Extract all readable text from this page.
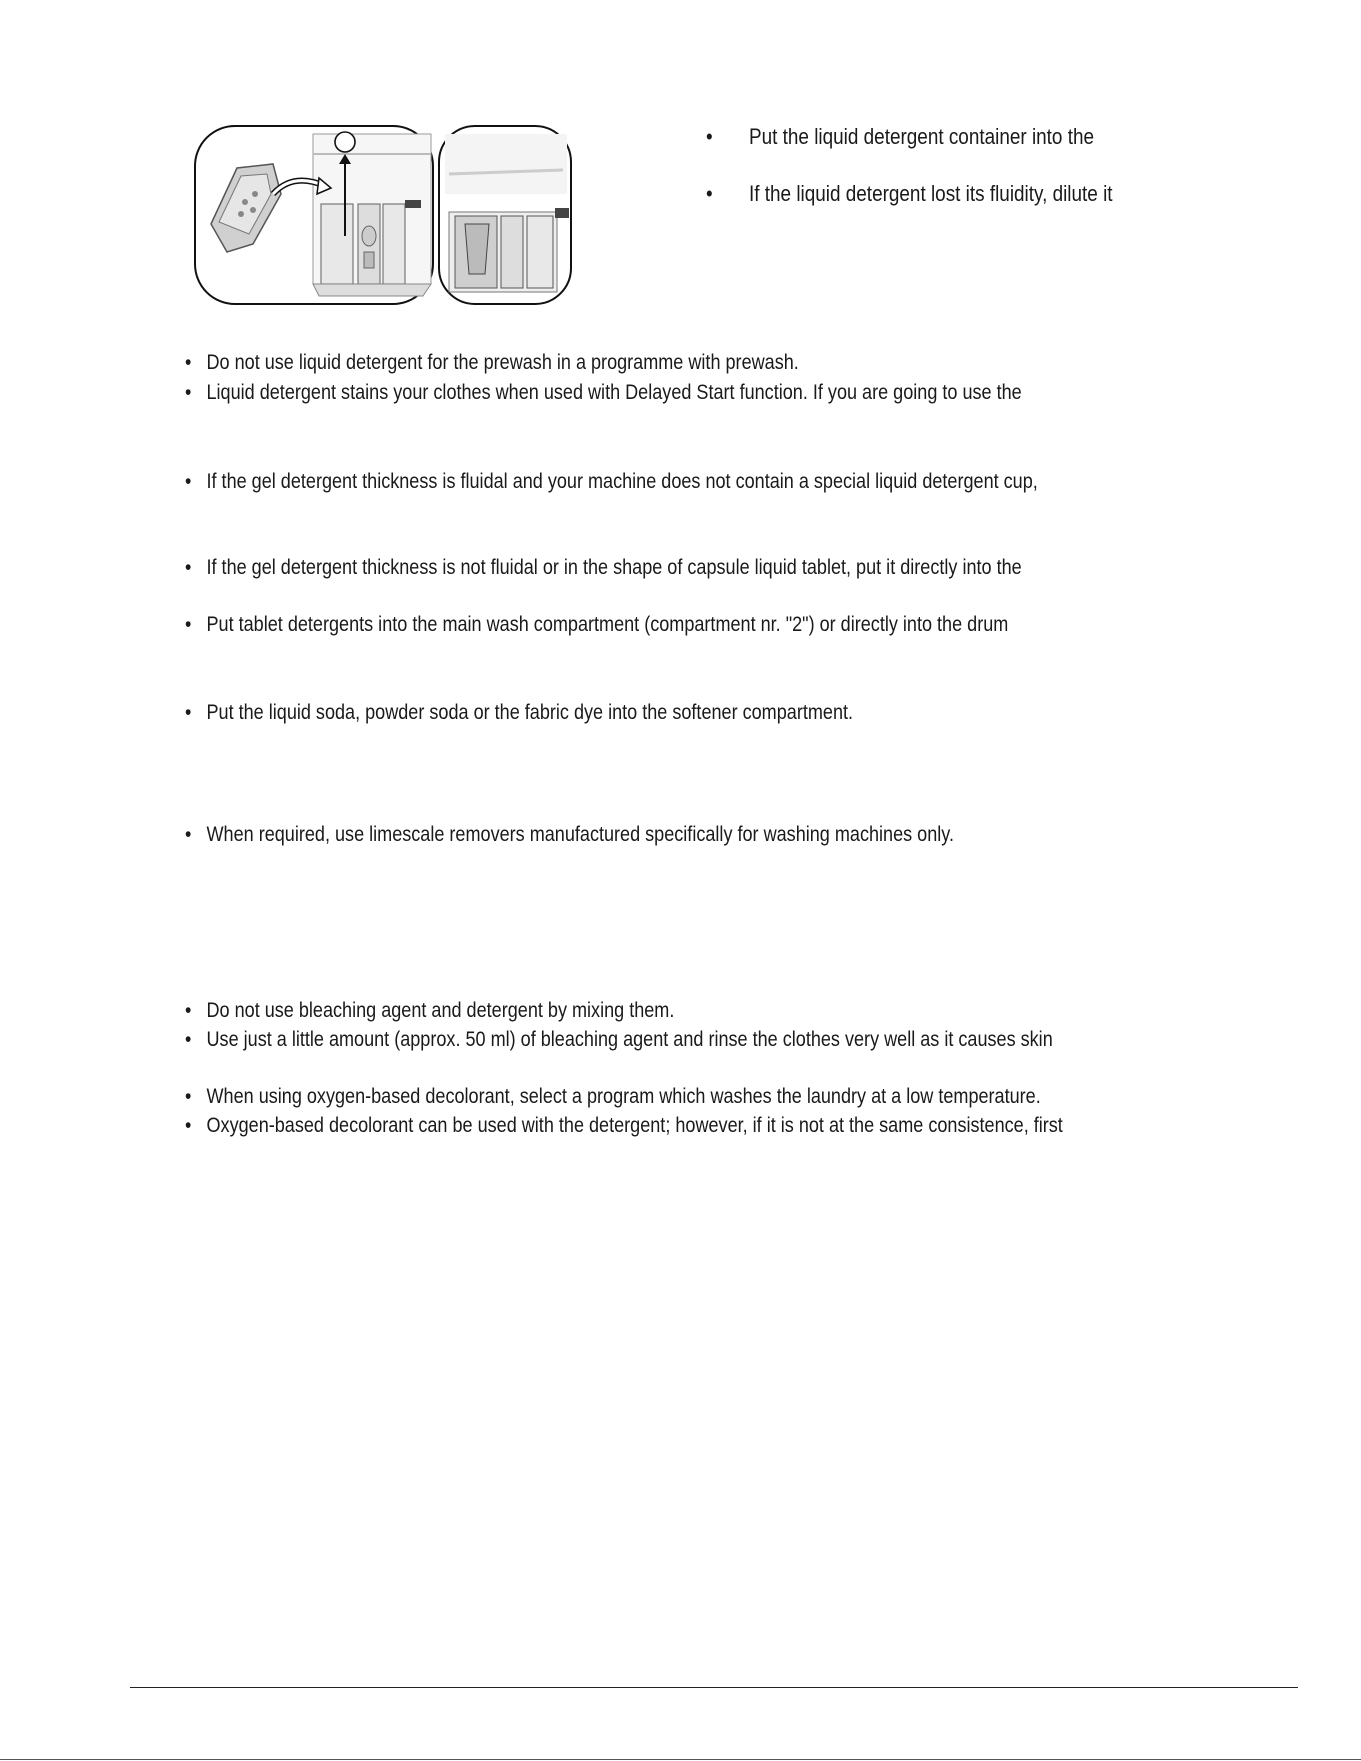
• Put the liquid detergent container into the
• If the liquid detergent lost its fluidity, dilute it
• Do not use liquid detergent for the prewash in a programme with prewash.
• Liquid detergent stains your clothes when used with Delayed Start function. If you are going to use the
• If the gel detergent thickness is fluidal and your machine does not contain a special liquid detergent cup,
• If the gel detergent thickness is not fluidal or in the shape of capsule liquid tablet, put it directly into the
• Put tablet detergents into the main wash compartment (compartment nr. "2") or directly into the drum
• Put the liquid soda, powder soda or the fabric dye into the softener compartment.
• When required, use limescale removers manufactured specifically for washing machines only.
• Do not use bleaching agent and detergent by mixing them.
• Use just a little amount (approx. 50 ml) of bleaching agent and rinse the clothes very well as it causes skin
• When using oxygen-based decolorant, select a program which washes the laundry at a low temperature.
• Oxygen-based decolorant can be used with the detergent; however, if it is not at the same consistence, first
